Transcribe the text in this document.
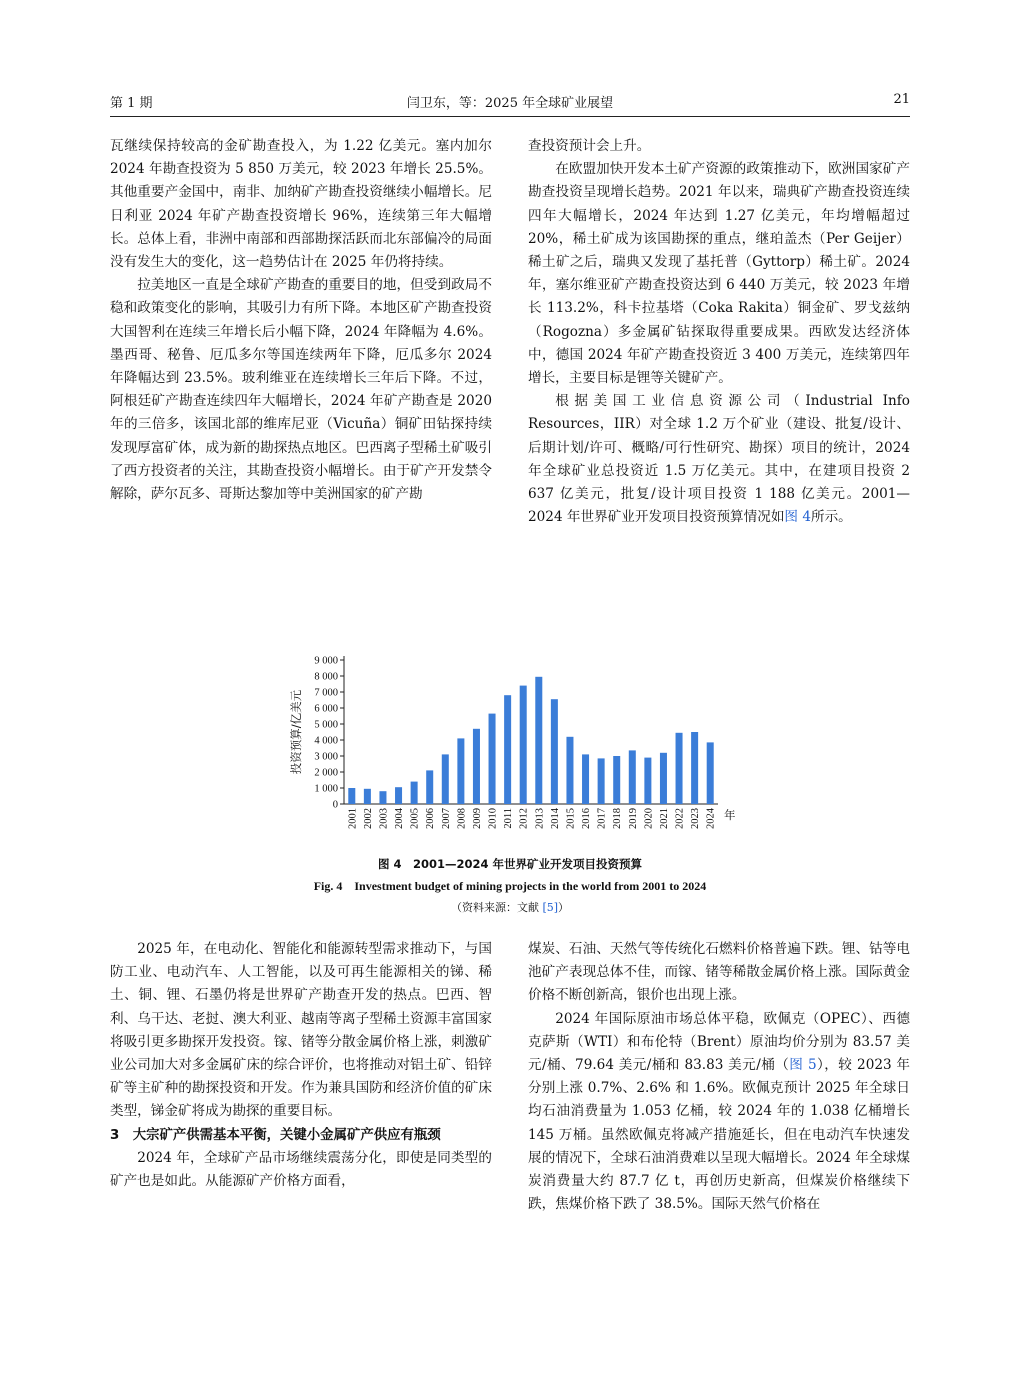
第 1 期	闫卫东，等：2025 年全球矿业展望	21

瓦继续保持较高的金矿勘查投入，为 1.22 亿美元。塞内加尔 2024 年勘查投资为 5 850 万美元，较 2023 年增长 25.5%。其他重要产金国中，南非、加纳矿产勘查投资继续小幅增长。尼日利亚 2024 年矿产勘查投资增长 96%，连续第三年大幅增长。总体上看，非洲中南部和西部勘探活跃而北东部偏冷的局面没有发生大的变化，这一趋势估计在 2025 年仍将持续。

拉美地区一直是全球矿产勘查的重要目的地，但受到政局不稳和政策变化的影响，其吸引力有所下降。本地区矿产勘查投资大国智利在连续三年增长后小幅下降，2024 年降幅为 4.6%。墨西哥、秘鲁、厄瓜多尔等国连续两年下降，厄瓜多尔 2024 年降幅达到 23.5%。玻利维亚在连续增长三年后下降。不过，阿根廷矿产勘查连续四年大幅增长，2024 年矿产勘查是 2020 年的三倍多，该国北部的维库尼亚（Vicuña）铜矿田钻探持续发现厚富矿体，成为新的勘探热点地区。巴西离子型稀土矿吸引了西方投资者的关注，其勘查投资小幅增长。由于矿产开发禁令解除，萨尔瓦多、哥斯达黎加等中美洲国家的矿产勘

查投资预计会上升。

在欧盟加快开发本土矿产资源的政策推动下，欧洲国家矿产勘查投资呈现增长趋势。2021 年以来，瑞典矿产勘查投资连续四年大幅增长，2024 年达到 1.27 亿美元，年均增幅超过 20%，稀土矿成为该国勘探的重点，继珀盖杰（Per Geijer）稀土矿之后，瑞典又发现了基托普（Gyttorp）稀土矿。2024 年，塞尔维亚矿产勘查投资达到 6 440 万美元，较 2023 年增长 113.2%，科卡拉基塔（Coka Rakita）铜金矿、罗戈兹纳（Rogozna）多金属矿钻探取得重要成果。西欧发达经济体中，德国 2024 年矿产勘查投资近 3 400 万美元，连续第四年增长，主要目标是锂等关键矿产。

根据美国工业信息资源公司（Industrial Info Resources，IIR）对全球 1.2 万个矿业（建设、批复/设计、后期计划/许可、概略/可行性研究、勘探）项目的统计，2024 年全球矿业总投资近 1.5 万亿美元。其中，在建项目投资 2 637 亿美元，批复/设计项目投资 1 188 亿美元。2001—2024 年世界矿业开发项目投资预算情况如图 4所示。

0
1 000
2 000
3 000
4 000
5 000
6 000
7 000
8 000
9 000
投资预算/亿美元
2001 2002 2003 2004 2005 2006 2007 2008 2009 2010 2011 2012 2013 2014 2015 2016 2017 2018 2019 2020 2021 2022 2023 2024 年
图 4　2001—2024 年世界矿业开发项目投资预算
Fig. 4　Investment budget of mining projects in the world from 2001 to 2024
（资料来源：文献 [5]）

2025 年，在电动化、智能化和能源转型需求推动下，与国防工业、电动汽车、人工智能，以及可再生能源相关的锑、稀土、铜、锂、石墨仍将是世界矿产勘查开发的热点。巴西、智利、乌干达、老挝、澳大利亚、越南等离子型稀土资源丰富国家将吸引更多勘探开发投资。镓、锗等分散金属价格上涨，刺激矿业公司加大对多金属矿床的综合评价，也将推动对铝土矿、铅锌矿等主矿种的勘探投资和开发。作为兼具国防和经济价值的矿床类型，锑金矿将成为勘探的重要目标。

3　大宗矿产供需基本平衡，关键小金属矿产供应有瓶颈

2024 年，全球矿产品市场继续震荡分化，即使是同类型的矿产也是如此。从能源矿产价格方面看，

煤炭、石油、天然气等传统化石燃料价格普遍下跌。锂、钴等电池矿产表现总体不佳，而镓、锗等稀散金属价格上涨。国际黄金价格不断创新高，银价也出现上涨。

2024 年国际原油市场总体平稳，欧佩克（OPEC）、西德克萨斯（WTI）和布伦特（Brent）原油均价分别为 83.57 美元/桶、79.64 美元/桶和 83.83 美元/桶（图 5），较 2023 年分别上涨 0.7%、2.6% 和 1.6%。欧佩克预计 2025 年全球日均石油消费量为 1.053 亿桶，较 2024 年的 1.038 亿桶增长 145 万桶。虽然欧佩克将减产措施延长，但在电动汽车快速发展的情况下，全球石油消费难以呈现大幅增长。2024 年全球煤炭消费量大约 87.7 亿 t，再创历史新高，但煤炭价格继续下跌，焦煤价格下跌了 38.5%。国际天然气价格在
